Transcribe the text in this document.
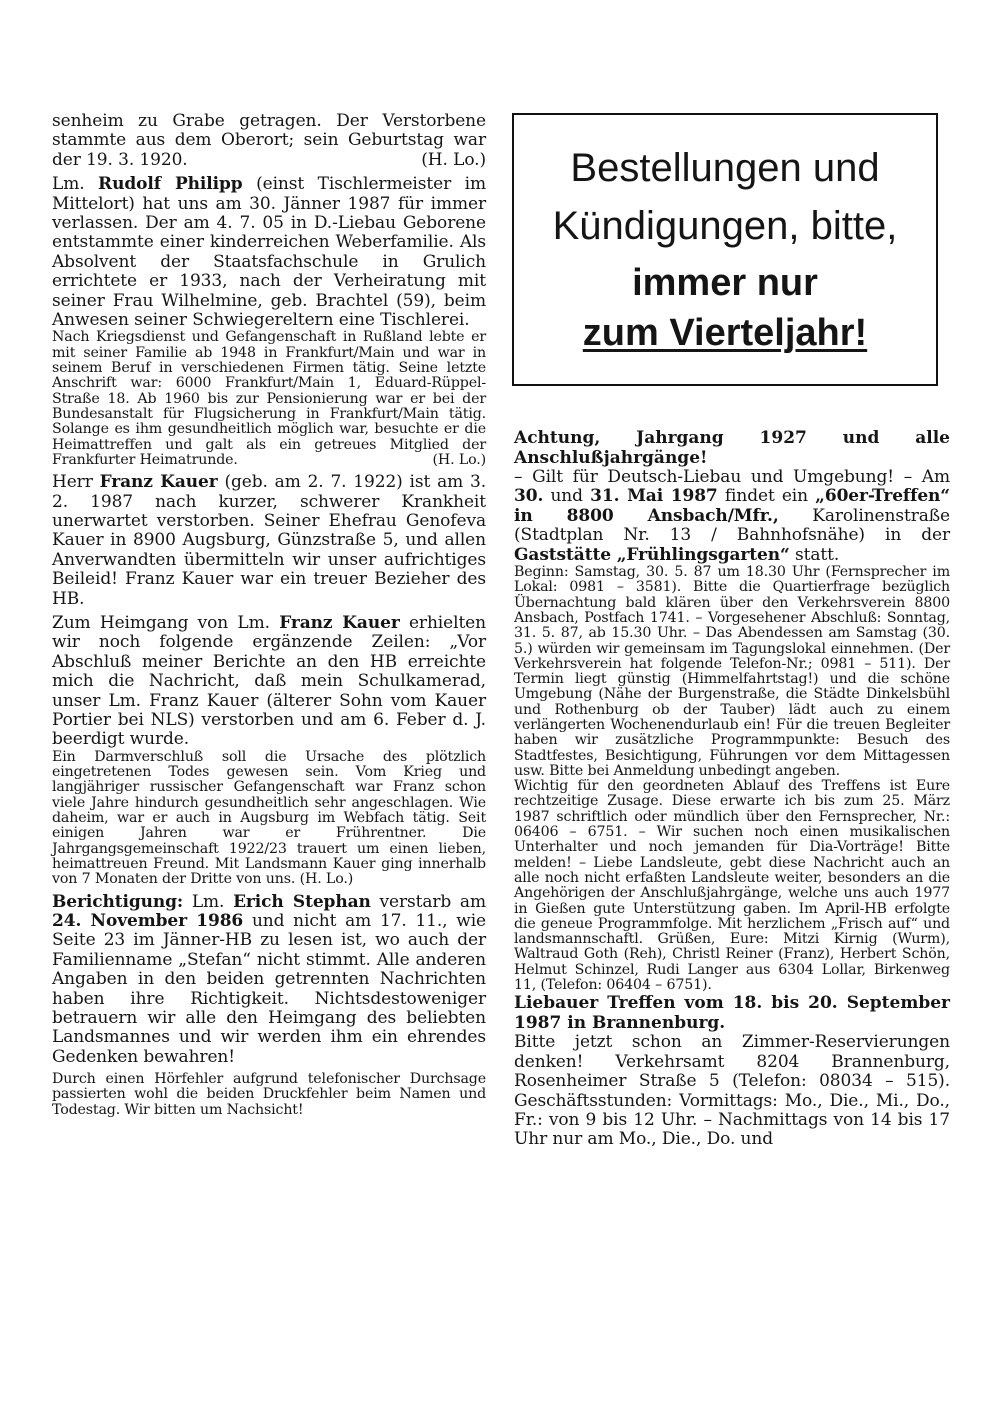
senheim zu Grabe getragen. Der Verstorbene stammte aus dem Oberort; sein Geburtstag war der 19. 3. 1920.	(H. Lo.)

Lm. Rudolf Philipp (einst Tischlermeister im Mittelort) hat uns am 30. Jänner 1987 für immer verlassen. Der am 4. 7. 05 in D.-Liebau Geborene entstammte einer kinderreichen Weberfamilie. Als Absolvent der Staatsfachschule in Grulich errichtete er 1933, nach der Verheiratung mit seiner Frau Wilhelmine, geb. Brachtel (59), beim Anwesen seiner Schwiegereltern eine Tischlerei.

Nach Kriegsdienst und Gefangenschaft in Rußland lebte er mit seiner Familie ab 1948 in Frankfurt/Main und war in seinem Beruf in verschiedenen Firmen tätig. Seine letzte Anschrift war: 6000 Frankfurt/Main 1, Eduard-Rüppel-Straße 18. Ab 1960 bis zur Pensionierung war er bei der Bundesanstalt für Flugsicherung in Frankfurt/Main tätig. Solange es ihm gesundheitlich möglich war, besuchte er die Heimattreffen und galt als ein getreues Mitglied der Frankfurter Heimatrunde.	(H. Lo.)

Herr Franz Kauer (geb. am 2. 7. 1922) ist am 3. 2. 1987 nach kurzer, schwerer Krankheit unerwartet verstorben. Seiner Ehefrau Genofeva Kauer in 8900 Augsburg, Günzstraße 5, und allen Anverwandten übermitteln wir unser aufrichtiges Beileid! Franz Kauer war ein treuer Bezieher des HB.

Zum Heimgang von Lm. Franz Kauer erhielten wir noch folgende ergänzende Zeilen: „Vor Abschluß meiner Berichte an den HB erreichte mich die Nachricht, daß mein Schulkamerad, unser Lm. Franz Kauer (älterer Sohn vom Kauer Portier bei NLS) verstorben und am 6. Feber d. J. beerdigt wurde.

Ein Darmverschluß soll die Ursache des plötzlich eingetretenen Todes gewesen sein. Vom Krieg und langjähriger russischer Gefangenschaft war Franz schon viele Jahre hindurch gesundheitlich sehr angeschlagen. Wie daheim, war er auch in Augsburg im Webfach tätig. Seit einigen Jahren war er Frührentner. Die Jahrgangsgemeinschaft 1922/23 trauert um einen lieben, heimattreuen Freund. Mit Landsmann Kauer ging innerhalb von 7 Monaten der Dritte von uns. (H. Lo.)

Berichtigung: Lm. Erich Stephan verstarb am 24. November 1986 und nicht am 17. 11., wie Seite 23 im Jänner-HB zu lesen ist, wo auch der Familienname „Stefan“ nicht stimmt. Alle anderen Angaben in den beiden getrennten Nachrichten haben ihre Richtigkeit. Nichtsdestoweniger betrauern wir alle den Heimgang des beliebten Landsmannes und wir werden ihm ein ehrendes Gedenken bewahren!

Durch einen Hörfehler aufgrund telefonischer Durchsage passierten wohl die beiden Druckfehler beim Namen und Todestag. Wir bitten um Nachsicht!

Bestellungen und
Kündigungen, bitte,
immer nur
zum Vierteljahr!

Achtung, Jahrgang 1927 und alle Anschlußjahrgänge!

– Gilt für Deutsch-Liebau und Umgebung! – Am 30. und 31. Mai 1987 findet ein „60er-Treffen“ in 8800 Ansbach/Mfr., Karolinenstraße (Stadtplan Nr. 13 / Bahnhofsnähe) in der Gaststätte „Frühlingsgarten“ statt.

Beginn: Samstag, 30. 5. 87 um 18.30 Uhr (Fernsprecher im Lokal: 0981 – 3581). Bitte die Quartierfrage bezüglich Übernachtung bald klären über den Verkehrsverein 8800 Ansbach, Postfach 1741. – Vorgesehener Abschluß: Sonntag, 31. 5. 87, ab 15.30 Uhr. – Das Abendessen am Samstag (30. 5.) würden wir gemeinsam im Tagungslokal einnehmen. (Der Verkehrsverein hat folgende Telefon-Nr.; 0981 – 511). Der Termin liegt günstig (Himmelfahrtstag!) und die schöne Umgebung (Nähe der Burgenstraße, die Städte Dinkelsbühl und Rothenburg ob der Tauber) lädt auch zu einem verlängerten Wochenendurlaub ein! Für die treuen Begleiter haben wir zusätzliche Programmpunkte: Besuch des Stadtfestes, Besichtigung, Führungen vor dem Mittagessen usw. Bitte bei Anmeldung unbedingt angeben.

Wichtig für den geordneten Ablauf des Treffens ist Eure rechtzeitige Zusage. Diese erwarte ich bis zum 25. März 1987 schriftlich oder mündlich über den Fernsprecher, Nr.: 06406 – 6751. – Wir suchen noch einen musikalischen Unterhalter und noch jemanden für Dia-Vorträge! Bitte melden! – Liebe Landsleute, gebt diese Nachricht auch an alle noch nicht erfaßten Landsleute weiter, besonders an die Angehörigen der Anschlußjahrgänge, welche uns auch 1977 in Gießen gute Unterstützung gaben. Im April-HB erfolgte die geneue Programmfolge. Mit herzlichem „Frisch auf“ und landsmannschaftl. Grüßen, Eure: Mitzi Kirnig (Wurm), Waltraud Goth (Reh), Christl Reiner (Franz), Herbert Schön, Helmut Schinzel, Rudi Langer aus 6304 Lollar, Birkenweg 11, (Telefon: 06404 – 6751).

Liebauer Treffen vom 18. bis 20. September 1987 in Brannenburg.

Bitte jetzt schon an Zimmer-Reservierungen denken! Verkehrsamt 8204 Brannenburg, Rosenheimer Straße 5 (Telefon: 08034 – 515). Geschäftsstunden: Vormittags: Mo., Die., Mi., Do., Fr.: von 9 bis 12 Uhr. – Nachmittags von 14 bis 17 Uhr nur am Mo., Die., Do. und
